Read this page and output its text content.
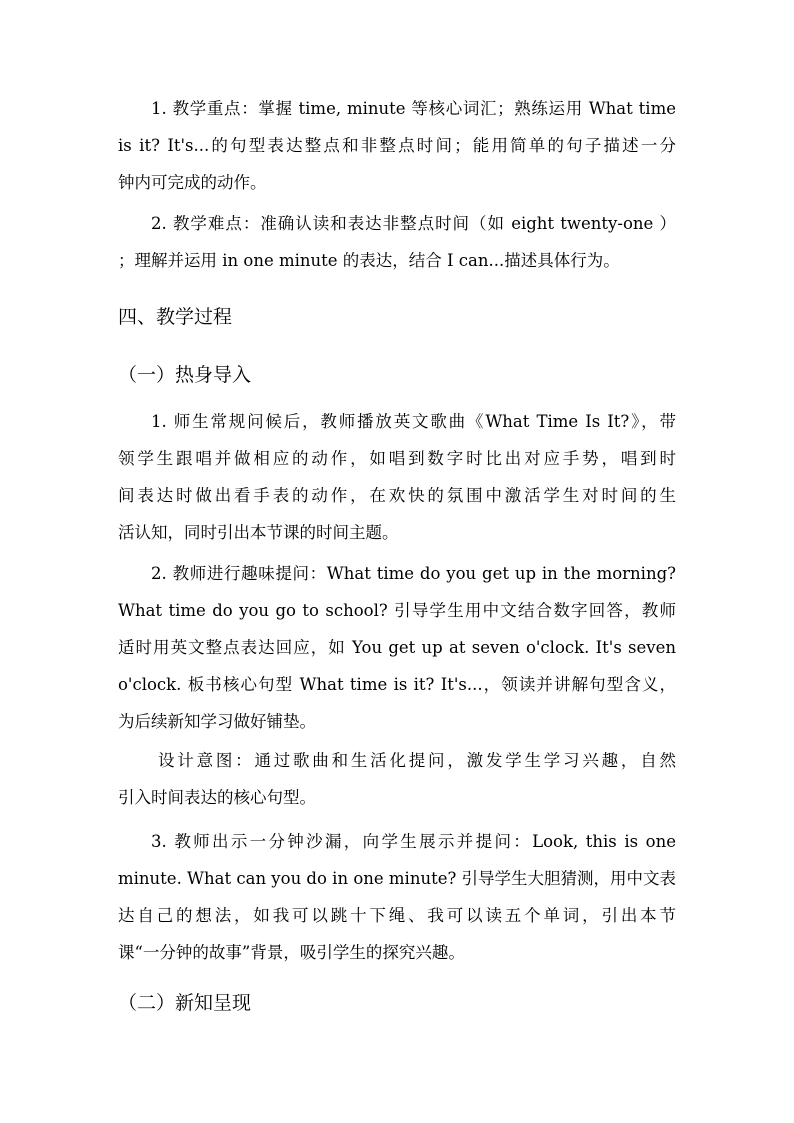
1. 教学重点：掌握 time, minute 等核心词汇；熟练运用 What time
is it? It's...的句型表达整点和非整点时间；能用简单的句子描述一分
钟内可完成的动作。
2. 教学难点：准确认读和表达非整点时间（如 eight twenty-one ）
；理解并运用 in one minute 的表达，结合 I can...描述具体行为。
四、教学过程
（一）热身导入
1. 师生常规问候后，教师播放英文歌曲《What Time Is It?》，带
领学生跟唱并做相应的动作，如唱到数字时比出对应手势，唱到时
间表达时做出看手表的动作，在欢快的氛围中激活学生对时间的生
活认知，同时引出本节课的时间主题。
2. 教师进行趣味提问：What time do you get up in the morning?
What time do you go to school? 引导学生用中文结合数字回答，教师
适时用英文整点表达回应，如 You get up at seven o'clock. It's seven
o'clock. 板书核心句型 What time is it? It's...，领读并讲解句型含义，
为后续新知学习做好铺垫。
设计意图：通过歌曲和生活化提问，激发学生学习兴趣，自然
引入时间表达的核心句型。
3. 教师出示一分钟沙漏，向学生展示并提问：Look, this is one
minute. What can you do in one minute? 引导学生大胆猜测，用中文表
达自己的想法，如我可以跳十下绳、我可以读五个单词，引出本节
课“一分钟的故事”背景，吸引学生的探究兴趣。
（二）新知呈现
